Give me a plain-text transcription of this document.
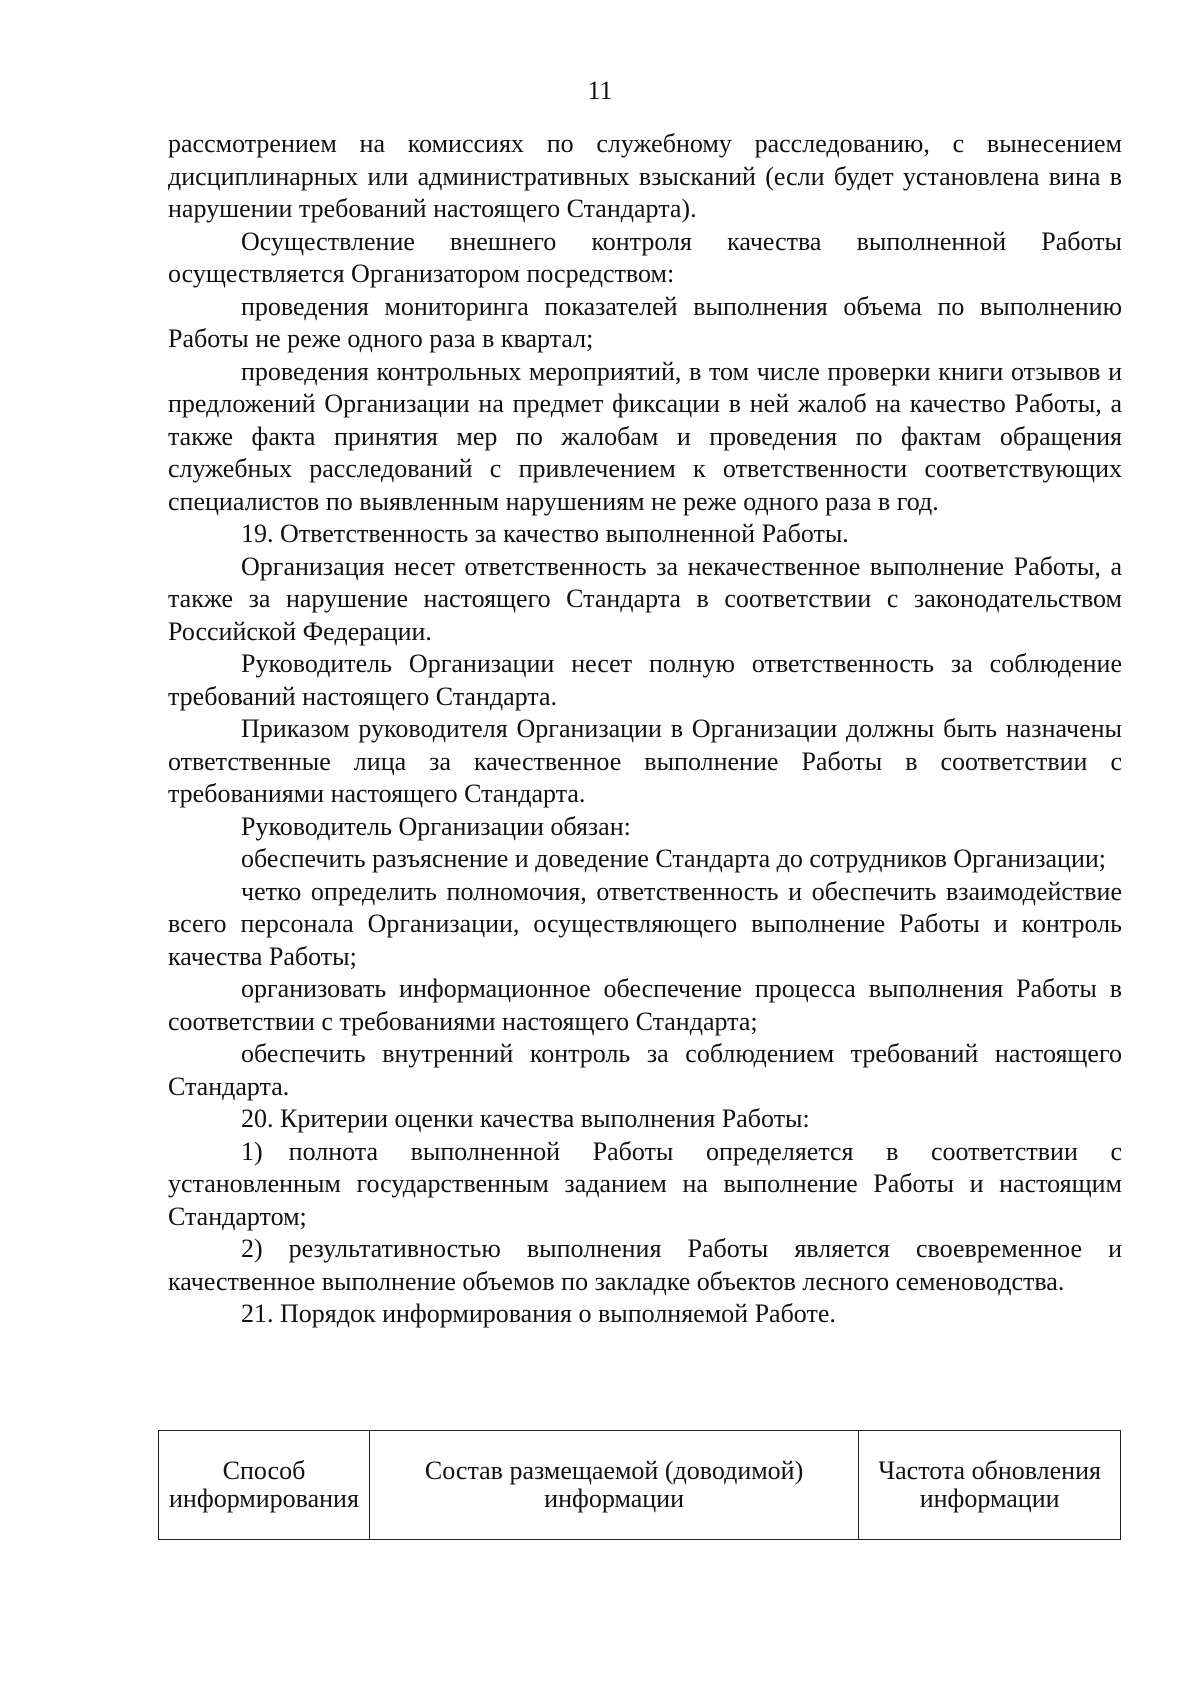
11

рассмотрением на комиссиях по служебному расследованию, с вынесением дисциплинарных или административных взысканий (если будет установлена вина в нарушении требований настоящего Стандарта).

Осуществление внешнего контроля качества выполненной Работы осуществляется Организатором посредством:

проведения мониторинга показателей выполнения объема по выполнению Работы не реже одного раза в квартал;

проведения контрольных мероприятий, в том числе проверки книги отзывов и предложений Организации на предмет фиксации в ней жалоб на качество Работы, а также факта принятия мер по жалобам и проведения по фактам обращения служебных расследований с привлечением к ответственности соответствующих специалистов по выявленным нарушениям не реже одного раза в год.

19. Ответственность за качество выполненной Работы.

Организация несет ответственность за некачественное выполнение Работы, а также за нарушение настоящего Стандарта в соответствии с законодательством Российской Федерации.

Руководитель Организации несет полную ответственность за соблюдение требований настоящего Стандарта.

Приказом руководителя Организации в Организации должны быть назначены ответственные лица за качественное выполнение Работы в соответствии с требованиями настоящего Стандарта.

Руководитель Организации обязан:

обеспечить разъяснение и доведение Стандарта до сотрудников Организации;

четко определить полномочия, ответственность и обеспечить взаимодействие всего персонала Организации, осуществляющего выполнение Работы и контроль качества Работы;

организовать информационное обеспечение процесса выполнения Работы в соответствии с требованиями настоящего Стандарта;

обеспечить внутренний контроль за соблюдением требований настоящего Стандарта.

20. Критерии оценки качества выполнения Работы:

1) полнота выполненной Работы определяется в соответствии с установленным государственным заданием на выполнение Работы и настоящим Стандартом;

2) результативностью выполнения Работы является своевременное и качественное выполнение объемов по закладке объектов лесного семеноводства.

21. Порядок информирования о выполняемой Работе.

Способ информирования	Состав размещаемой (доводимой) информации	Частота обновления информации
